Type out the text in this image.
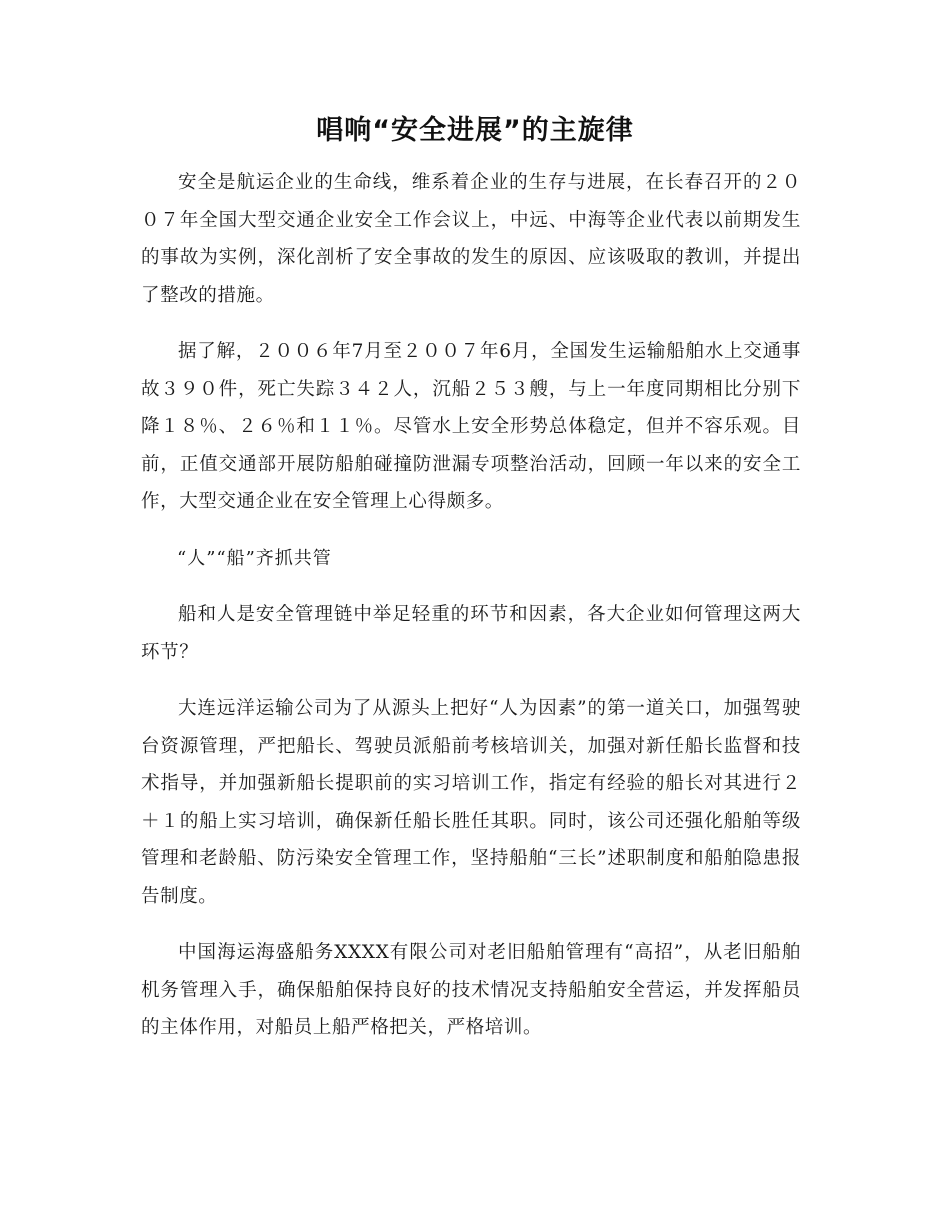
唱响“安全进展”的主旋律

安全是航运企业的生命线，维系着企业的生存与进展，在长春召开的２００７年全国大型交通企业安全工作会议上，中远、中海等企业代表以前期发生的事故为实例，深化剖析了安全事故的发生的原因、应该吸取的教训，并提出了整改的措施。

据了解，２００６年7月至２００７年6月，全国发生运输船舶水上交通事故３９０件，死亡失踪３４２人，沉船２５３艘，与上一年度同期相比分别下降１８％、２６％和１１％。尽管水上安全形势总体稳定，但并不容乐观。目前，正值交通部开展防船舶碰撞防泄漏专项整治活动，回顾一年以来的安全工作，大型交通企业在安全管理上心得颇多。

“人”“船”齐抓共管

船和人是安全管理链中举足轻重的环节和因素，各大企业如何管理这两大环节？

大连远洋运输公司为了从源头上把好“人为因素”的第一道关口，加强驾驶台资源管理，严把船长、驾驶员派船前考核培训关，加强对新任船长监督和技术指导，并加强新船长提职前的实习培训工作，指定有经验的船长对其进行２＋１的船上实习培训，确保新任船长胜任其职。同时，该公司还强化船舶等级管理和老龄船、防污染安全管理工作，坚持船舶“三长”述职制度和船舶隐患报告制度。

中国海运海盛船务XXXX有限公司对老旧船舶管理有“高招”，从老旧船舶机务管理入手，确保船舶保持良好的技术情况支持船舶安全营运，并发挥船员的主体作用，对船员上船严格把关，严格培训。
